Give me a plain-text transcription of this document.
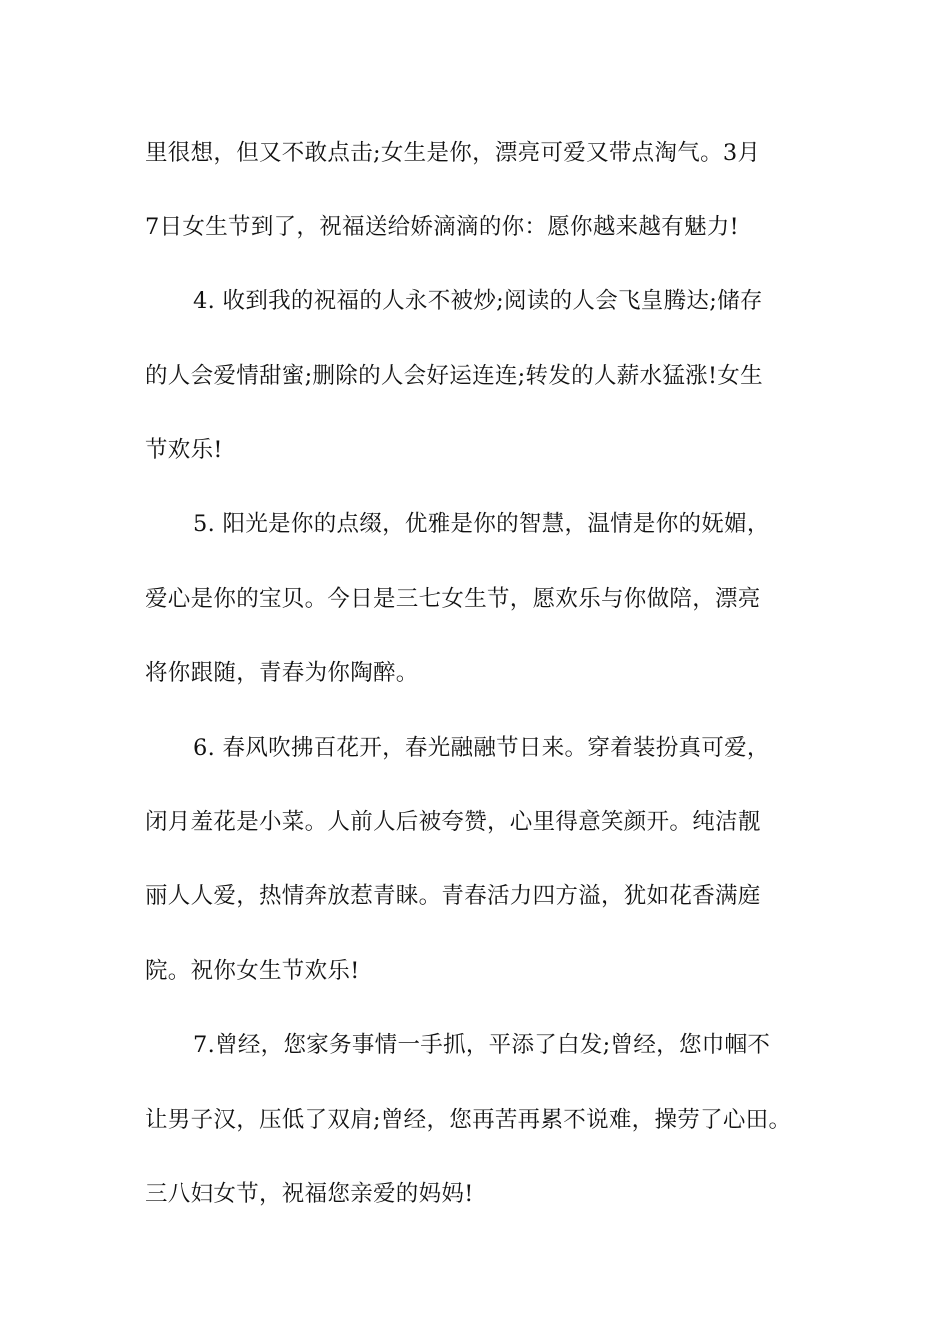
里很想，但又不敢点击;女生是你，漂亮可爱又带点淘气。3月
7日女生节到了，祝福送给娇滴滴的你：愿你越来越有魅力!
4. 收到我的祝福的人永不被炒;阅读的人会飞皇腾达;储存
的人会爱情甜蜜;删除的人会好运连连;转发的人薪水猛涨!女生
节欢乐!
5. 阳光是你的点缀，优雅是你的智慧，温情是你的妩媚，
爱心是你的宝贝。今日是三七女生节，愿欢乐与你做陪，漂亮
将你跟随，青春为你陶醉。
6. 春风吹拂百花开，春光融融节日来。穿着装扮真可爱，
闭月羞花是小菜。人前人后被夸赞，心里得意笑颜开。纯洁靓
丽人人爱，热情奔放惹青睐。青春活力四方溢，犹如花香满庭
院。祝你女生节欢乐!
7.曾经，您家务事情一手抓，平添了白发;曾经，您巾帼不
让男子汉，压低了双肩;曾经，您再苦再累不说难，操劳了心田。
三八妇女节，祝福您亲爱的妈妈!
